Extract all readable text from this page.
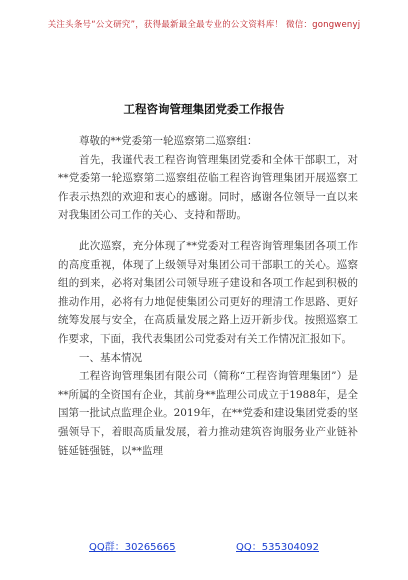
关注头条号“公文研究”，获得最新最全最专业的公文资料库！ 微信：gongwenyj
工程咨询管理集团党委工作报告

尊敬的**党委第一轮巡察第二巡察组：

首先，我谨代表工程咨询管理集团党委和全体干部职工，对**党委第一轮巡察第二巡察组莅临工程咨询管理集团开展巡察工作表示热烈的欢迎和衷心的感谢。同时，感谢各位领导一直以来对我集团公司工作的关心、支持和帮助。

此次巡察，充分体现了**党委对工程咨询管理集团各项工作的高度重视，体现了上级领导对集团公司干部职工的关心。巡察组的到来，必将对集团公司领导班子建设和各项工作起到积极的推动作用，必将有力地促使集团公司更好的理清工作思路、更好统筹发展与安全，在高质量发展之路上迈开新步伐。按照巡察工作要求，下面，我代表集团公司党委对有关工作情况汇报如下。

一、基本情况

工程咨询管理集团有限公司（简称“工程咨询管理集团”）是**所属的全资国有企业，其前身**监理公司成立于1988年，是全国第一批试点监理企业。2019年，在**党委和建设集团党委的坚强领导下，着眼高质量发展，着力推动建筑咨询服务业产业链补链延链强链，以**监理

QQ群：30265665	QQ：535304092
